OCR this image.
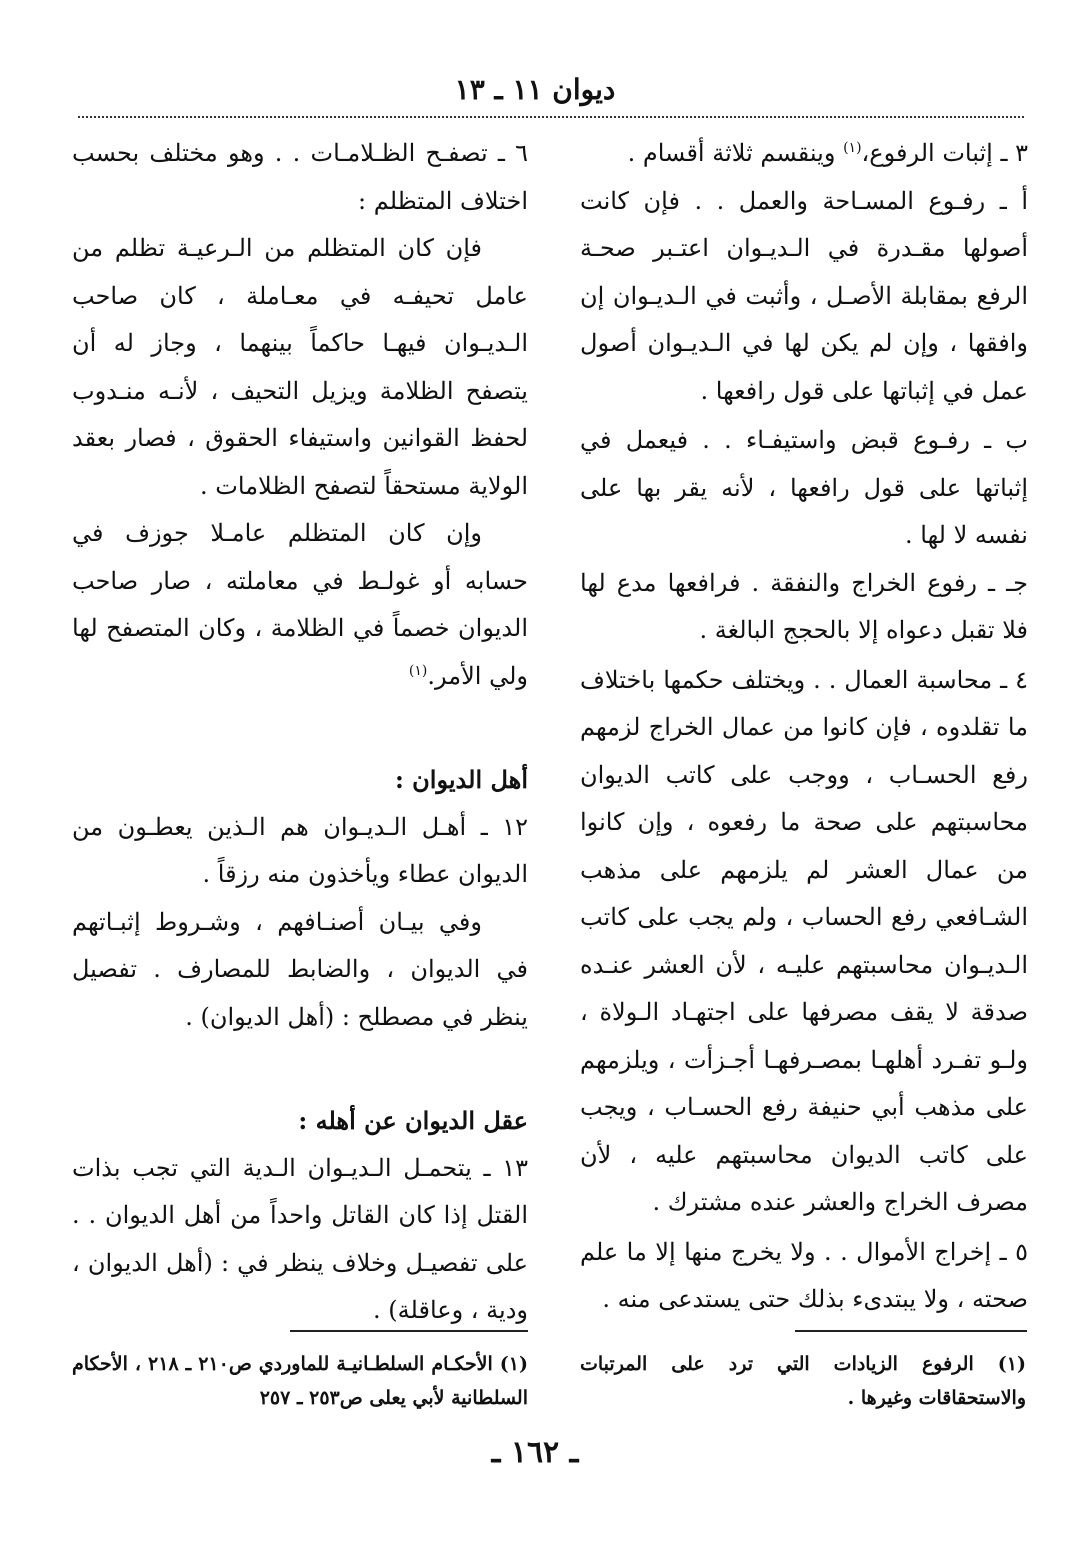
ديوان ١١ ـ ١٣

٣ ـ إثبات الرفوع،$^{(١)}$ وينقسم ثلاثة أقسام .

أ ـ رفـوع المسـاحة والعمل . . فإن كانت أصولها مقـدرة في الـديـوان اعتـبر صحـة الرفع بمقابلة الأصـل ، وأثبت في الـديـوان إن وافقها ، وإن لم يكن لها في الـديـوان أصول عمل في إثباتها على قول رافعها .

ب ـ رفـوع قبض واستيفـاء . . فيعمل في إثباتها على قول رافعها ، لأنه يقر بها على نفسه لا لها .

جـ ـ رفوع الخراج والنفقة . فرافعها مدع لها فلا تقبل دعواه إلا بالحجج البالغة .

٤ ـ محاسبة العمال . . ويختلف حكمها باختلاف ما تقلدوه ، فإن كانوا من عمال الخراج لزمهم رفع الحسـاب ، ووجب على كاتب الديوان محاسبتهم على صحة ما رفعوه ، وإن كانوا من عمال العشر لم يلزمهم على مذهب الشـافعي رفع الحساب ، ولم يجب على كاتب الـديـوان محاسبتهم عليـه ، لأن العشر عنـده صدقة لا يقف مصرفها على اجتهـاد الـولاة ، ولـو تفـرد أهلهـا بمصـرفهـا أجـزأت ، ويلزمهم على مذهب أبي حنيفة رفع الحسـاب ، ويجب على كاتب الديوان محاسبتهم عليه ، لأن مصرف الخراج والعشر عنده مشترك .

٥ ـ إخراج الأموال . . ولا يخرج منها إلا ما علم صحته ، ولا يبتدىء بذلك حتى يستدعى منه .

٦ ـ تصفـح الظـلامـات . . وهو مختلف بحسب اختلاف المتظلم :

فإن كان المتظلم من الـرعيـة تظلم من عامل تحيفـه في معـاملة ، كان صاحب الـديـوان فيهـا حاكماً بينهما ، وجاز له أن يتصفح الظلامة ويزيل التحيف ، لأنـه منـدوب لحفظ القوانين واستيفاء الحقوق ، فصار بعقد الولاية مستحقاً لتصفح الظلامات .

وإن كان المتظلم عامـلا جوزف في حسابه أو غولـط في معاملته ، صار صاحب الديوان خصماً في الظلامة ، وكان المتصفح لها ولي الأمر.$^{(١)}$

أهل الديوان :

١٢ ـ أهـل الـديـوان هم الـذين يعطـون من الديوان عطاء ويأخذون منه رزقاً .

وفي بيـان أصنـافهم ، وشـروط إثبـاتهم في الديوان ، والضابط للمصارف . تفصيل ينظر في مصطلح : (أهل الديوان) .

عقل الديوان عن أهله :

١٣ ـ يتحمـل الـديـوان الـدية التي تجب بذات القتل إذا كان القاتل واحداً من أهل الديوان . . على تفصيـل وخلاف ينظر في : (أهل الديوان ، ودية ، وعاقلة) .

(١) الرفوع الزيادات التي ترد على المرتبات والاستحقاقات وغيرها .
(١) الأحكـام السلطـانيـة للماوردي ص٢١٠ ـ ٢١٨ ، الأحكام السلطانية لأبي يعلى ص٢٥٣ ـ ٢٥٧
ـ ١٦٢ ـ
